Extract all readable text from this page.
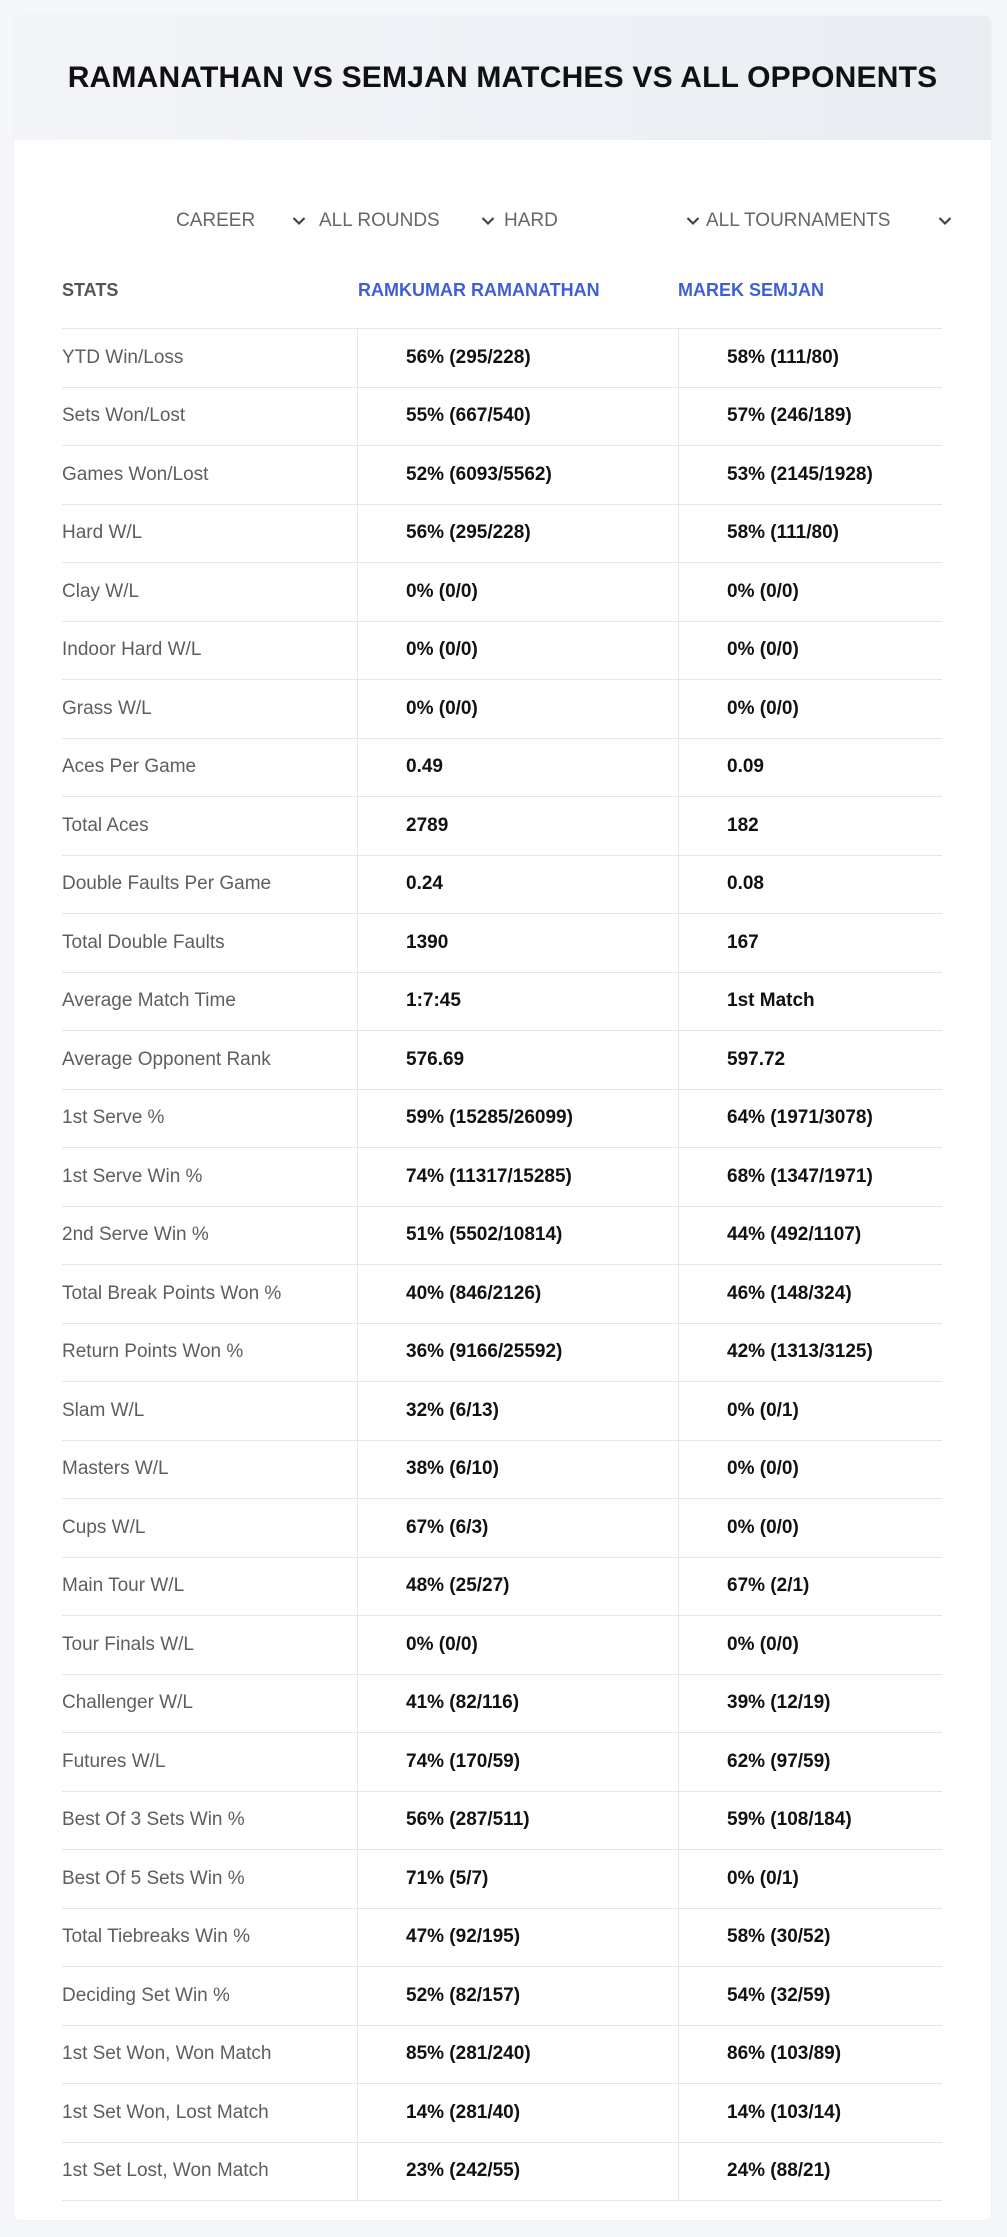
RAMANATHAN VS SEMJAN MATCHES VS ALL OPPONENTS
CAREER	ALL ROUNDS	HARD	ALL TOURNAMENTS
STATS	RAMKUMAR RAMANATHAN	MAREK SEMJAN
YTD Win/Loss	56% (295/228)	58% (111/80)
Sets Won/Lost	55% (667/540)	57% (246/189)
Games Won/Lost	52% (6093/5562)	53% (2145/1928)
Hard W/L	56% (295/228)	58% (111/80)
Clay W/L	0% (0/0)	0% (0/0)
Indoor Hard W/L	0% (0/0)	0% (0/0)
Grass W/L	0% (0/0)	0% (0/0)
Aces Per Game	0.49	0.09
Total Aces	2789	182
Double Faults Per Game	0.24	0.08
Total Double Faults	1390	167
Average Match Time	1:7:45	1st Match
Average Opponent Rank	576.69	597.72
1st Serve %	59% (15285/26099)	64% (1971/3078)
1st Serve Win %	74% (11317/15285)	68% (1347/1971)
2nd Serve Win %	51% (5502/10814)	44% (492/1107)
Total Break Points Won %	40% (846/2126)	46% (148/324)
Return Points Won %	36% (9166/25592)	42% (1313/3125)
Slam W/L	32% (6/13)	0% (0/1)
Masters W/L	38% (6/10)	0% (0/0)
Cups W/L	67% (6/3)	0% (0/0)
Main Tour W/L	48% (25/27)	67% (2/1)
Tour Finals W/L	0% (0/0)	0% (0/0)
Challenger W/L	41% (82/116)	39% (12/19)
Futures W/L	74% (170/59)	62% (97/59)
Best Of 3 Sets Win %	56% (287/511)	59% (108/184)
Best Of 5 Sets Win %	71% (5/7)	0% (0/1)
Total Tiebreaks Win %	47% (92/195)	58% (30/52)
Deciding Set Win %	52% (82/157)	54% (32/59)
1st Set Won, Won Match	85% (281/240)	86% (103/89)
1st Set Won, Lost Match	14% (281/40)	14% (103/14)
1st Set Lost, Won Match	23% (242/55)	24% (88/21)
